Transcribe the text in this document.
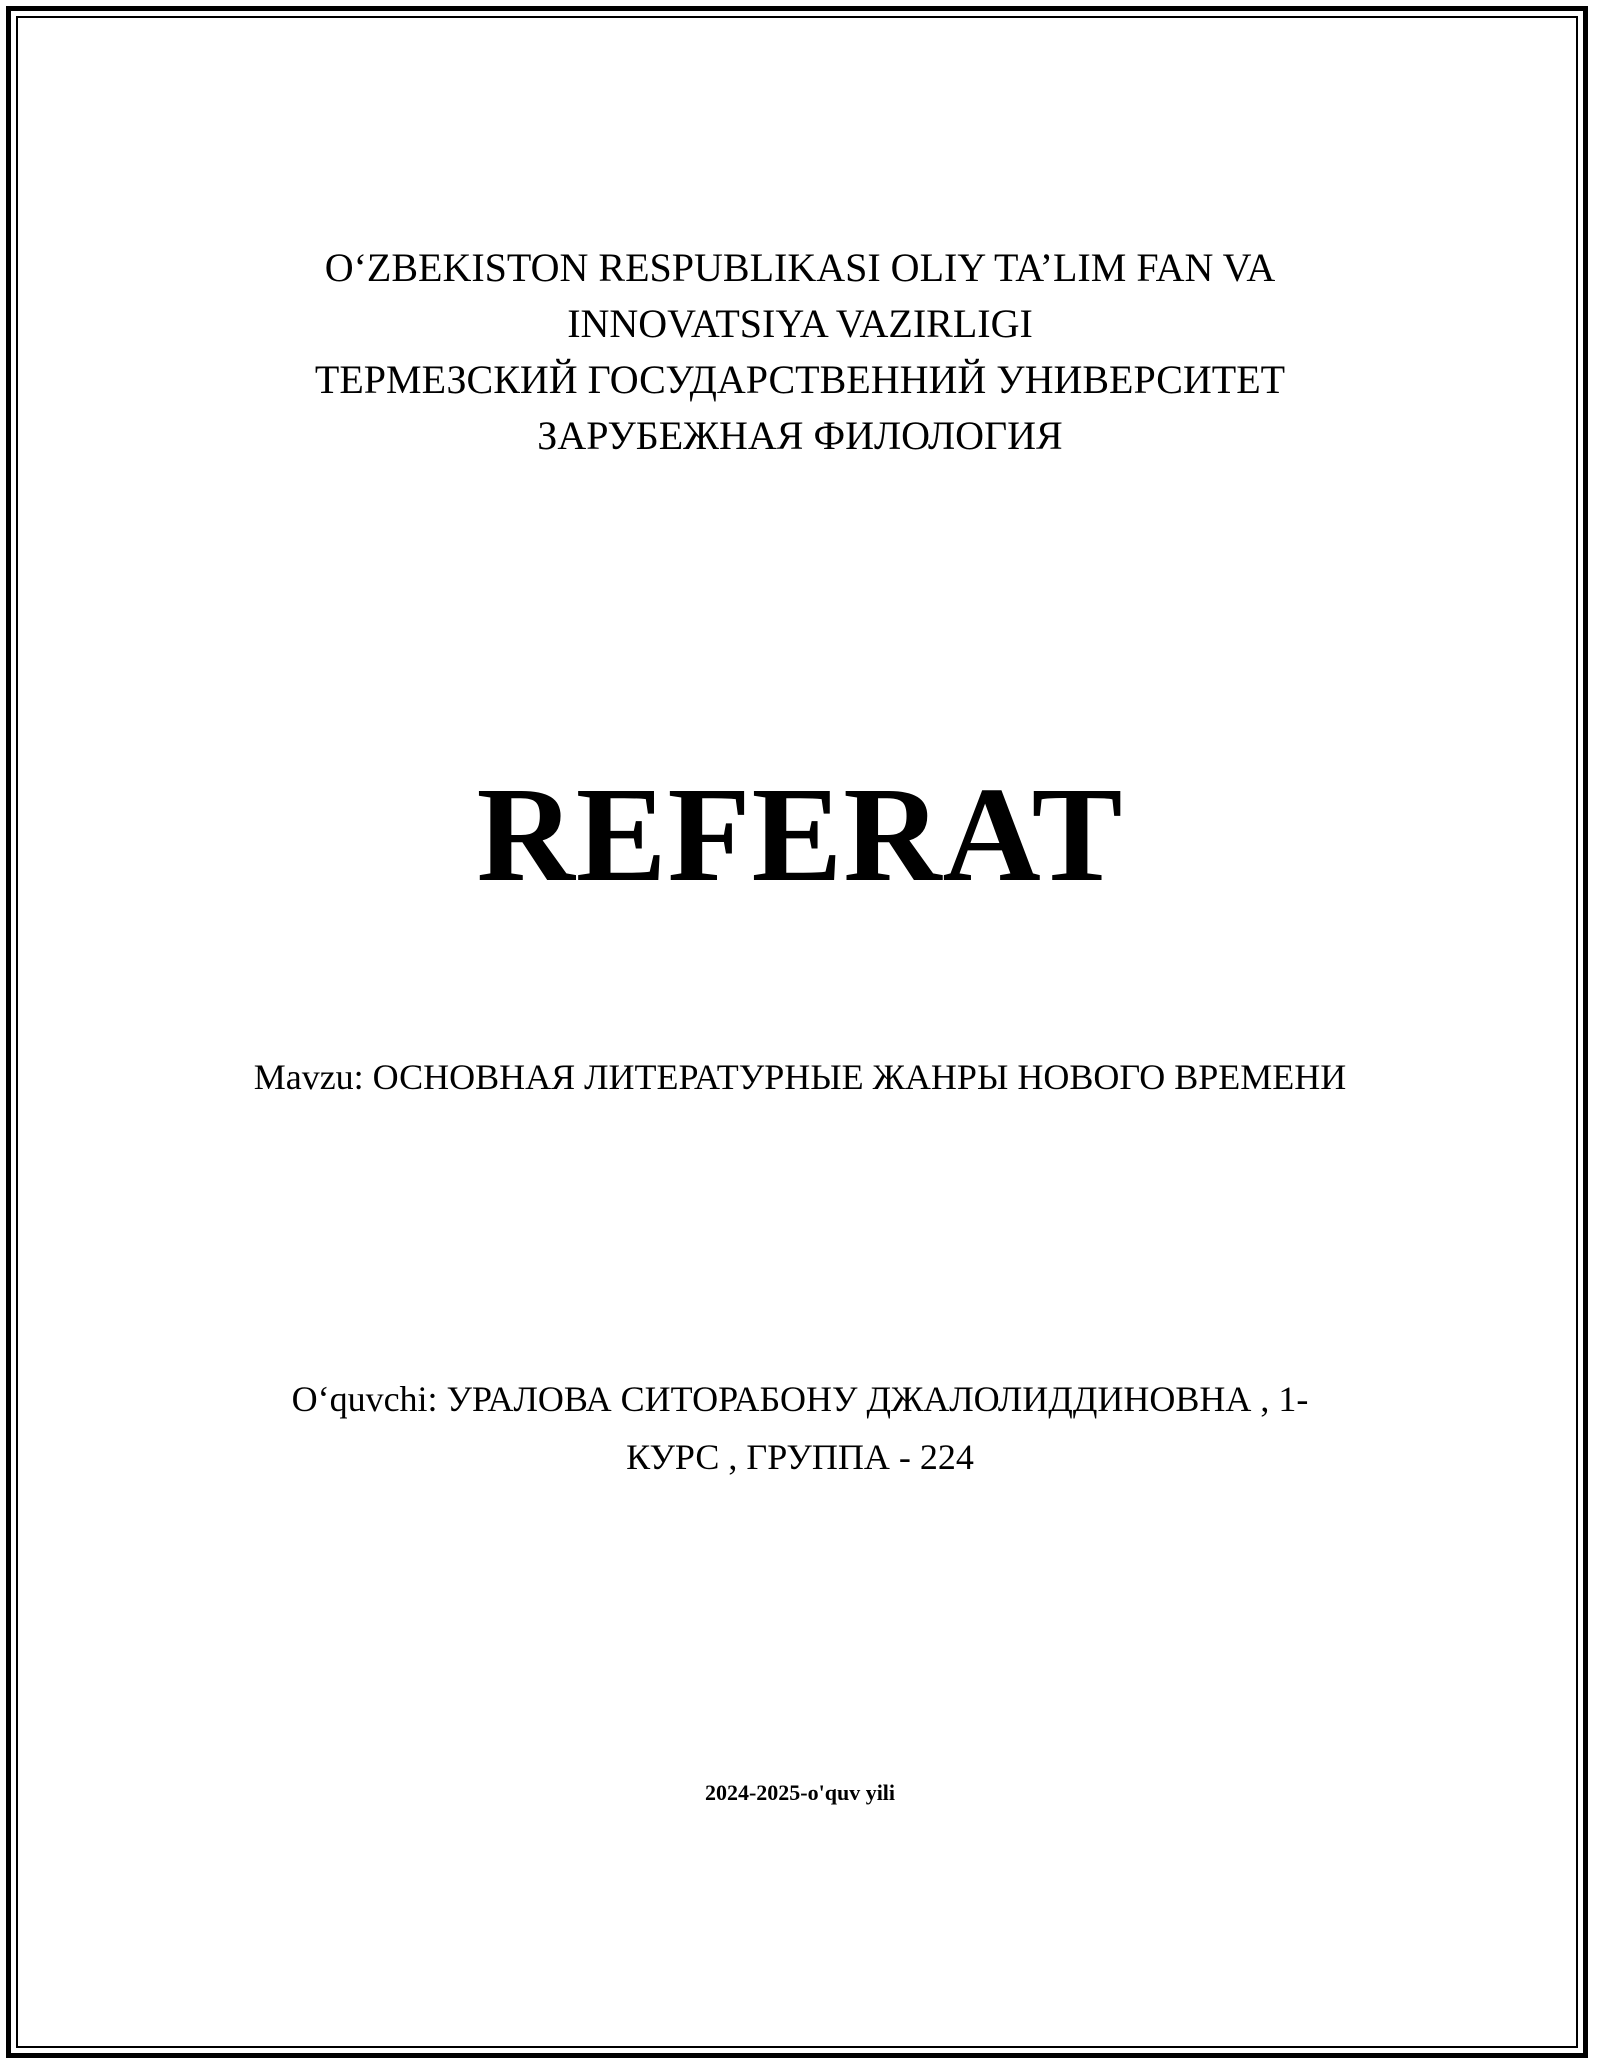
O‘ZBEKISTON RESPUBLIKASI OLIY TA’LIM FAN VA
INNOVATSIYA VAZIRLIGI
ТЕРМЕЗСКИЙ ГОСУДАРСТВЕННИЙ УНИВЕРСИТЕТ
ЗАРУБЕЖНАЯ ФИЛОЛОГИЯ
REFERAT
Mavzu: ОСНОВНАЯ ЛИТЕРАТУРНЫЕ ЖАНРЫ НОВОГО ВРЕМЕНИ
O‘quvchi: УРАЛОВА СИТОРАБОНУ ДЖАЛОЛИДДИНОВНА , 1-
КУРС , ГРУППА - 224
2024-2025-o'quv yili
